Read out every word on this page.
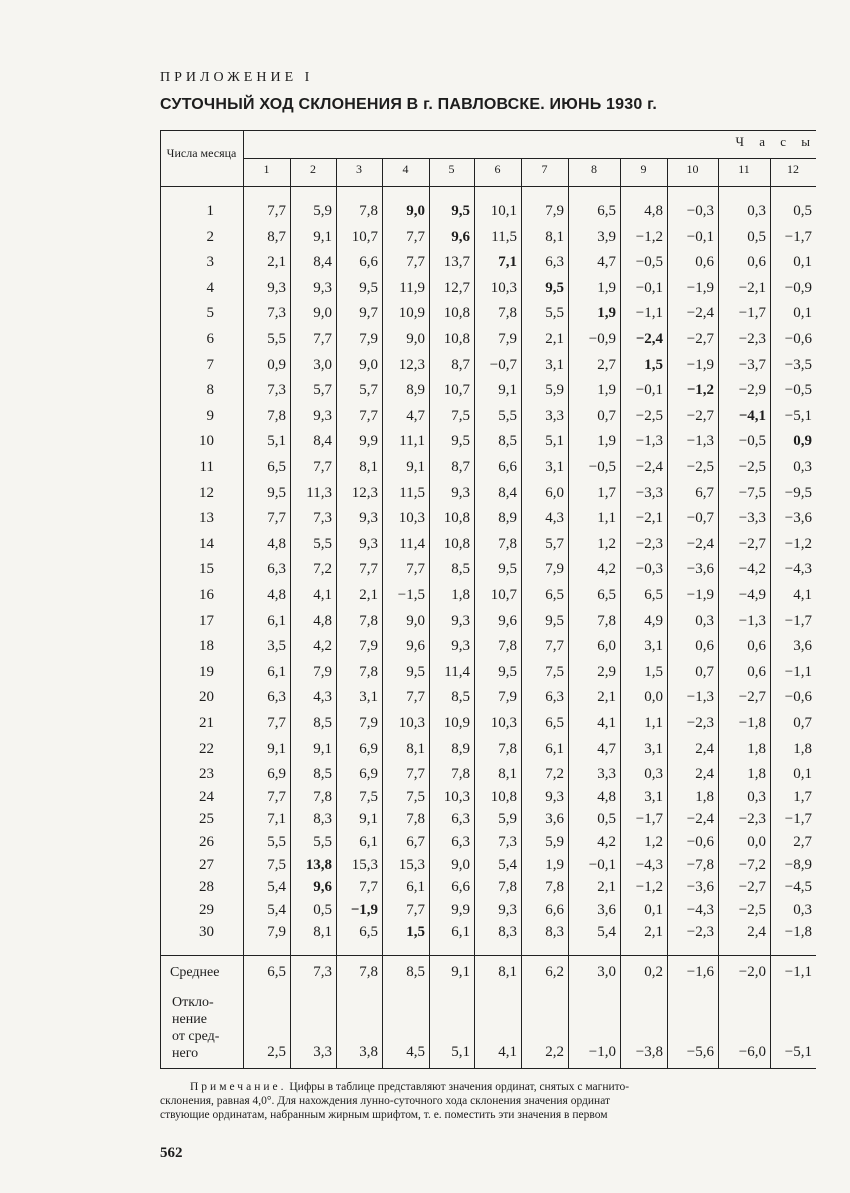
ПРИЛОЖЕНИЕ I
СУТОЧНЫЙ ХОД СКЛОНЕНИЯ В г. ПАВЛОВСКЕ. ИЮНЬ 1930 г.
Числа месяца
Ч а с ы
1	2	3	4	5	6	7	8	9	10	11	12
1	7,7	5,9	7,8	9,0	9,5	10,1	7,9	6,5	4,8	−0,3	0,3	0,5
2	8,7	9,1	10,7	7,7	9,6	11,5	8,1	3,9	−1,2	−0,1	0,5	−1,7
3	2,1	8,4	6,6	7,7	13,7	7,1	6,3	4,7	−0,5	0,6	0,6	0,1
4	9,3	9,3	9,5	11,9	12,7	10,3	9,5	1,9	−0,1	−1,9	−2,1	−0,9
5	7,3	9,0	9,7	10,9	10,8	7,8	5,5	1,9	−1,1	−2,4	−1,7	0,1
6	5,5	7,7	7,9	9,0	10,8	7,9	2,1	−0,9	−2,4	−2,7	−2,3	−0,6
7	0,9	3,0	9,0	12,3	8,7	−0,7	3,1	2,7	1,5	−1,9	−3,7	−3,5
8	7,3	5,7	5,7	8,9	10,7	9,1	5,9	1,9	−0,1	−1,2	−2,9	−0,5
9	7,8	9,3	7,7	4,7	7,5	5,5	3,3	0,7	−2,5	−2,7	−4,1	−5,1
10	5,1	8,4	9,9	11,1	9,5	8,5	5,1	1,9	−1,3	−1,3	−0,5	0,9
11	6,5	7,7	8,1	9,1	8,7	6,6	3,1	−0,5	−2,4	−2,5	−2,5	0,3
12	9,5	11,3	12,3	11,5	9,3	8,4	6,0	1,7	−3,3	6,7	−7,5	−9,5
13	7,7	7,3	9,3	10,3	10,8	8,9	4,3	1,1	−2,1	−0,7	−3,3	−3,6
14	4,8	5,5	9,3	11,4	10,8	7,8	5,7	1,2	−2,3	−2,4	−2,7	−1,2
15	6,3	7,2	7,7	7,7	8,5	9,5	7,9	4,2	−0,3	−3,6	−4,2	−4,3
16	4,8	4,1	2,1	−1,5	1,8	10,7	6,5	6,5	6,5	−1,9	−4,9	4,1
17	6,1	4,8	7,8	9,0	9,3	9,6	9,5	7,8	4,9	0,3	−1,3	−1,7
18	3,5	4,2	7,9	9,6	9,3	7,8	7,7	6,0	3,1	0,6	0,6	3,6
19	6,1	7,9	7,8	9,5	11,4	9,5	7,5	2,9	1,5	0,7	0,6	−1,1
20	6,3	4,3	3,1	7,7	8,5	7,9	6,3	2,1	0,0	−1,3	−2,7	−0,6
21	7,7	8,5	7,9	10,3	10,9	10,3	6,5	4,1	1,1	−2,3	−1,8	0,7
22	9,1	9,1	6,9	8,1	8,9	7,8	6,1	4,7	3,1	2,4	1,8	1,8
23	6,9	8,5	6,9	7,7	7,8	8,1	7,2	3,3	0,3	2,4	1,8	0,1
24	7,7	7,8	7,5	7,5	10,3	10,8	9,3	4,8	3,1	1,8	0,3	1,7
25	7,1	8,3	9,1	7,8	6,3	5,9	3,6	0,5	−1,7	−2,4	−2,3	−1,7
26	5,5	5,5	6,1	6,7	6,3	7,3	5,9	4,2	1,2	−0,6	0,0	2,7
27	7,5	13,8	15,3	15,3	9,0	5,4	1,9	−0,1	−4,3	−7,8	−7,2	−8,9
28	5,4	9,6	7,7	6,1	6,6	7,8	7,8	2,1	−1,2	−3,6	−2,7	−4,5
29	5,4	0,5	−1,9	7,7	9,9	9,3	6,6	3,6	0,1	−4,3	−2,5	0,3
30	7,9	8,1	6,5	1,5	6,1	8,3	8,3	5,4	2,1	−2,3	2,4	−1,8
Среднее	6,5	7,3	7,8	8,5	9,1	8,1	6,2	3,0	0,2	−1,6	−2,0	−1,1
Откло-
нение
от сред-
него	2,5	3,3	3,8	4,5	5,1	4,1	2,2	−1,0	−3,8	−5,6	−6,0	−5,1
Примечание. Цифры в таблице представляют значения ординат, снятых с магнито-
склонения, равная 4,0°. Для нахождения лунно-суточного хода склонения значения ординат
ствующие ординатам, набранным жирным шрифтом, т. е. поместить эти значения в первом
562
